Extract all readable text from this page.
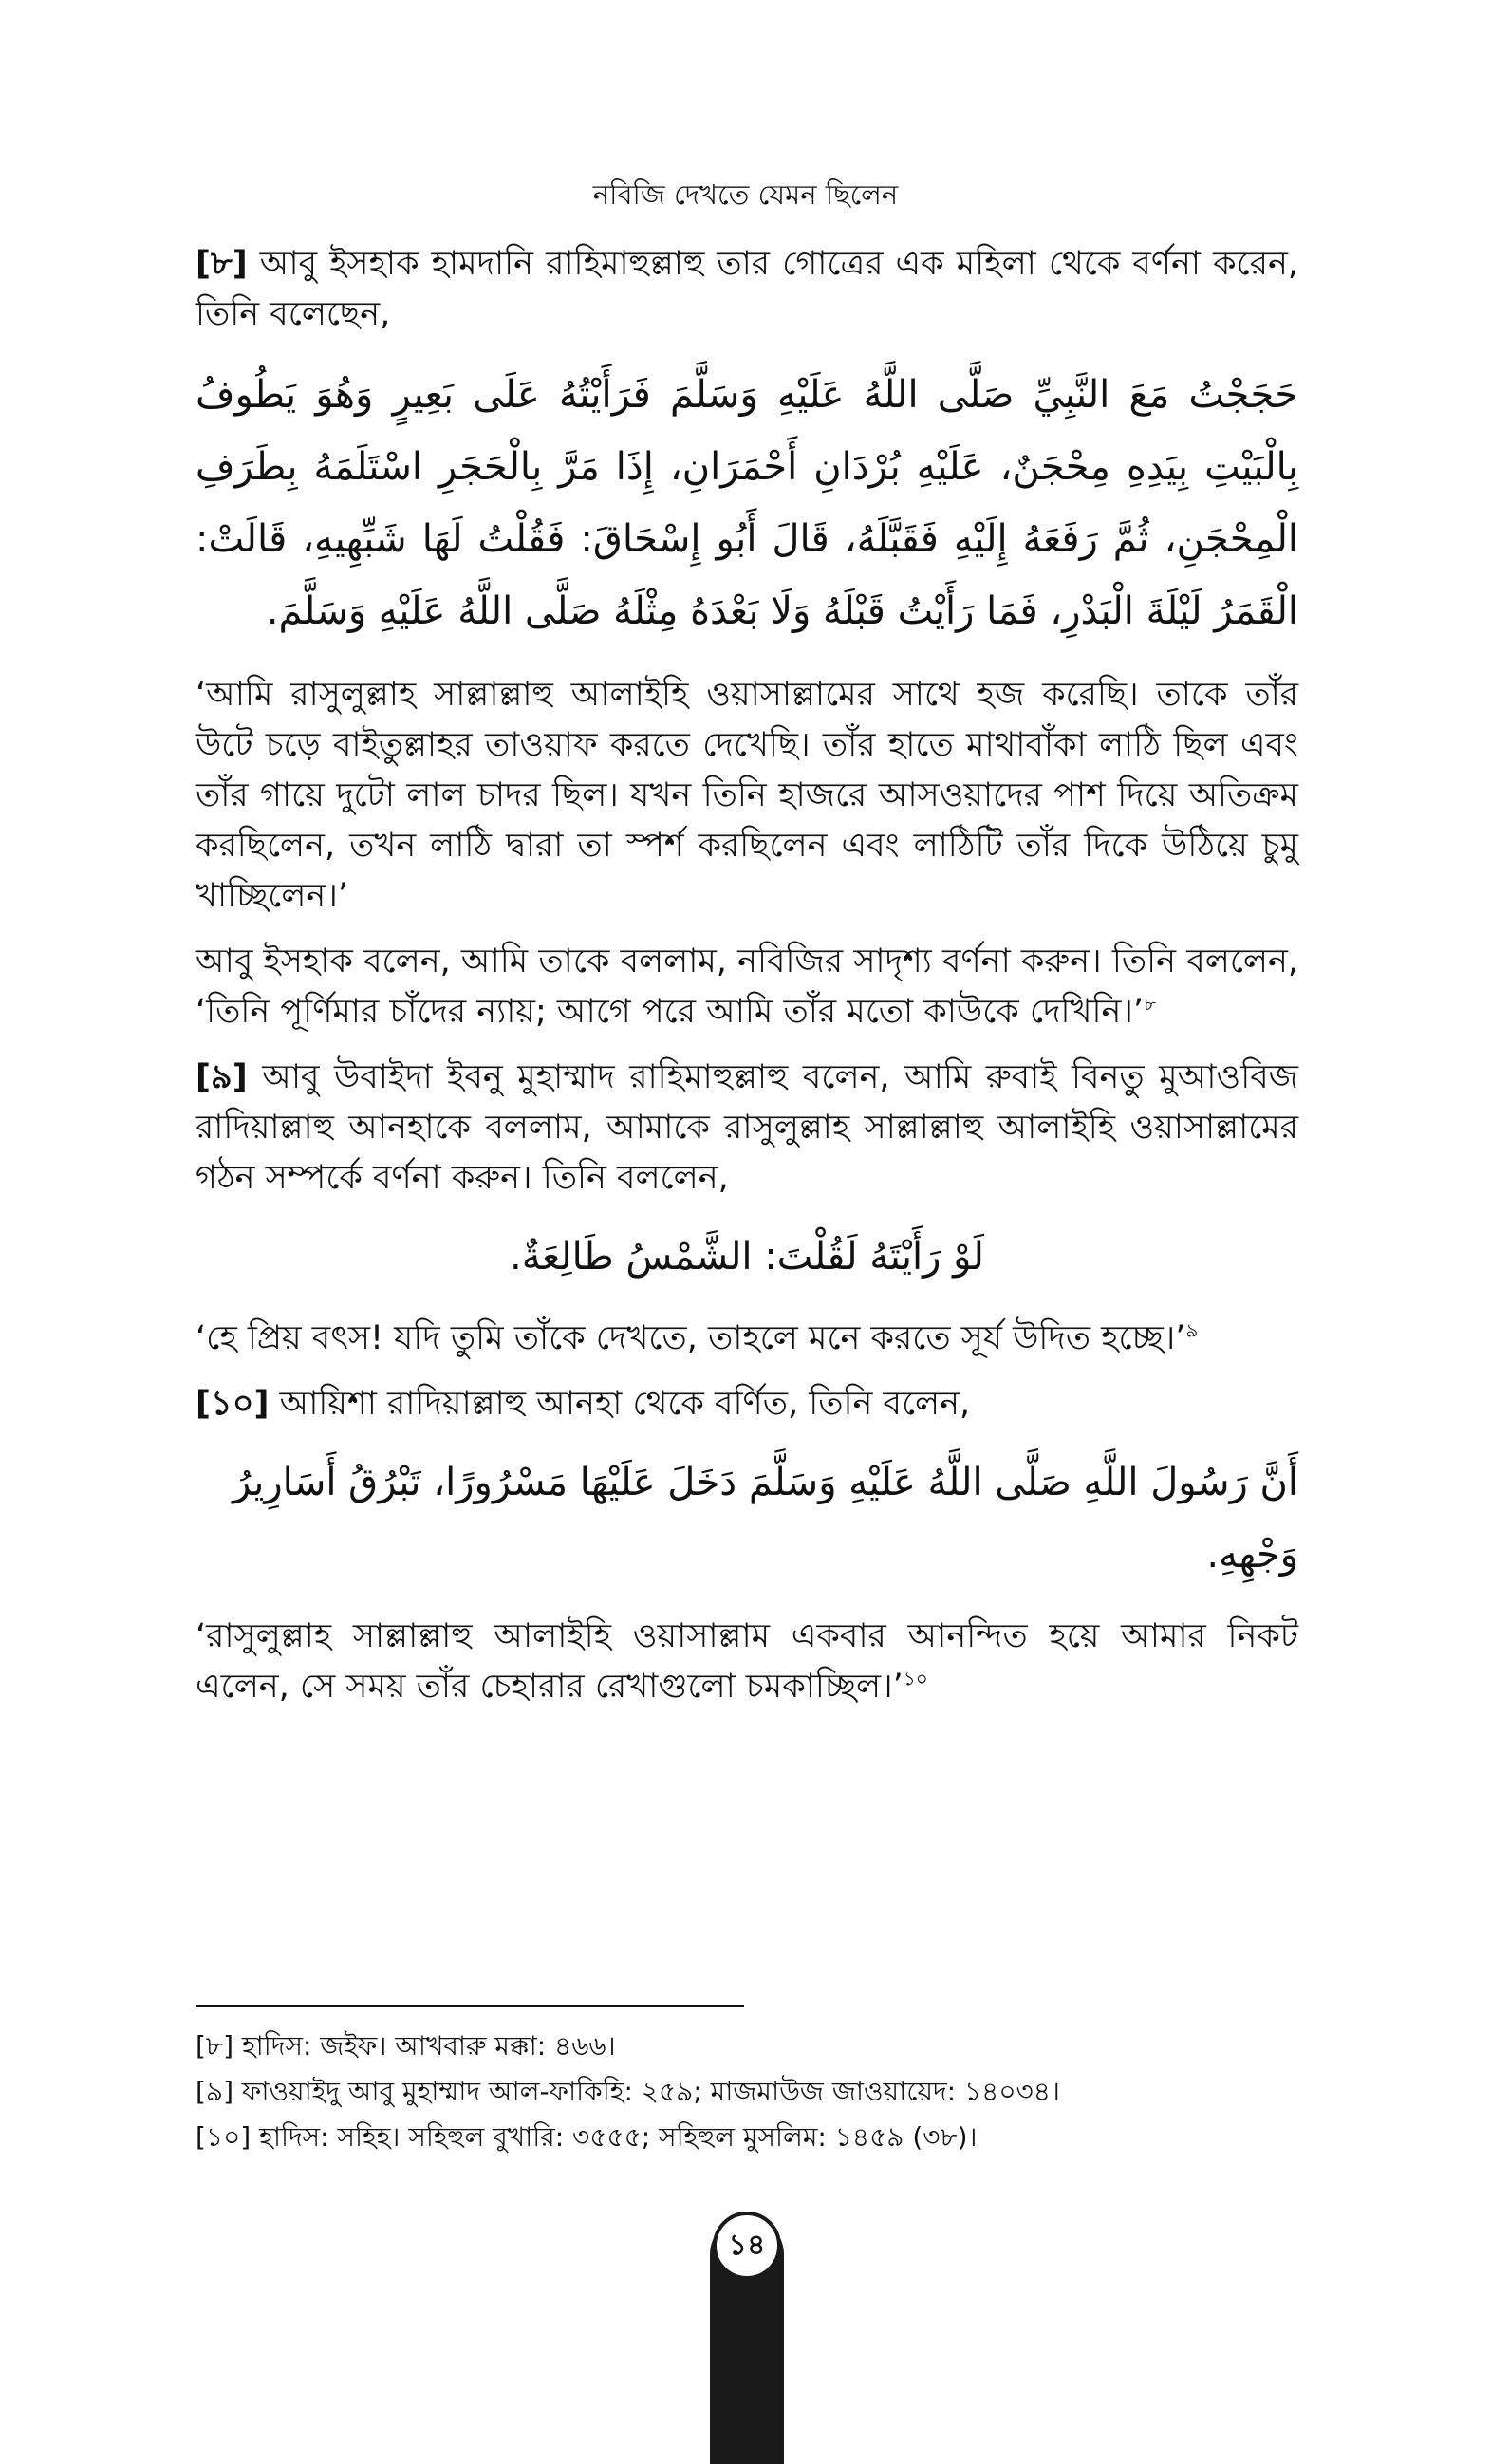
নবিজি দেখতে যেমন ছিলেন

[৮] আবু ইসহাক হামদানি রাহিমাহুল্লাহু তার গোত্রের এক মহিলা থেকে বর্ণনা করেন, তিনি বলেছেন,

حَجَجْتُ مَعَ النَّبِيِّ صَلَّى اللَّهُ عَلَيْهِ وَسَلَّمَ فَرَأَيْتُهُ عَلَى بَعِيرٍ وَهُوَ يَطُوفُ بِالْبَيْتِ بِيَدِهِ مِحْجَنٌ، عَلَيْهِ بُرْدَانِ أَحْمَرَانِ، إِذَا مَرَّ بِالْحَجَرِ اسْتَلَمَهُ بِطَرَفِ الْمِحْجَنِ، ثُمَّ رَفَعَهُ إِلَيْهِ فَقَبَّلَهُ، قَالَ أَبُو إِسْحَاقَ: فَقُلْتُ لَهَا شَبِّهِيهِ، قَالَتْ: الْقَمَرُ لَيْلَةَ الْبَدْرِ، فَمَا رَأَيْتُ قَبْلَهُ وَلَا بَعْدَهُ مِثْلَهُ صَلَّى اللَّهُ عَلَيْهِ وَسَلَّمَ.

‘আমি রাসুলুল্লাহ সাল্লাল্লাহু আলাইহি ওয়াসাল্লামের সাথে হজ করেছি। তাকে তাঁর উটে চড়ে বাইতুল্লাহর তাওয়াফ করতে দেখেছি। তাঁর হাতে মাথাবাঁকা লাঠি ছিল এবং তাঁর গায়ে দুটো লাল চাদর ছিল। যখন তিনি হাজরে আসওয়াদের পাশ দিয়ে অতিক্রম করছিলেন, তখন লাঠি দ্বারা তা স্পর্শ করছিলেন এবং লাঠিটি তাঁর দিকে উঠিয়ে চুমু খাচ্ছিলেন।’

আবু ইসহাক বলেন, আমি তাকে বললাম, নবিজির সাদৃশ্য বর্ণনা করুন। তিনি বললেন, ‘তিনি পূর্ণিমার চাঁদের ন্যায়; আগে পরে আমি তাঁর মতো কাউকে দেখিনি।’$^৮$

[৯] আবু উবাইদা ইবনু মুহাম্মাদ রাহিমাহুল্লাহু বলেন, আমি রুবাই বিনতু মুআওবিজ রাদিয়াল্লাহু আনহাকে বললাম, আমাকে রাসুলুল্লাহ সাল্লাল্লাহু আলাইহি ওয়াসাল্লামের গঠন সম্পর্কে বর্ণনা করুন। তিনি বললেন,

لَوْ رَأَيْتَهُ لَقُلْتَ: الشَّمْسُ طَالِعَةٌ.

‘হে প্রিয় বৎস! যদি তুমি তাঁকে দেখতে, তাহলে মনে করতে সূর্য উদিত হচ্ছে।’$^৯$

[১০] আয়িশা রাদিয়াল্লাহু আনহা থেকে বর্ণিত, তিনি বলেন,

أَنَّ رَسُولَ اللَّهِ صَلَّى اللَّهُ عَلَيْهِ وَسَلَّمَ دَخَلَ عَلَيْهَا مَسْرُورًا، تَبْرُقُ أَسَارِيرُ وَجْهِهِ.

‘রাসুলুল্লাহ সাল্লাল্লাহু আলাইহি ওয়াসাল্লাম একবার আনন্দিত হয়ে আমার নিকট এলেন, সে সময় তাঁর চেহারার রেখাগুলো চমকাচ্ছিল।’$^{১০}$

[৮] হাদিস: জইফ। আখবারু মক্কা: ৪৬৬।

[৯] ফাওয়াইদু আবু মুহাম্মাদ আল-ফাকিহি: ২৫৯; মাজমাউজ জাওয়ায়েদ: ১৪০৩৪।

[১০] হাদিস: সহিহ। সহিহুল বুখারি: ৩৫৫৫; সহিহুল মুসলিম: ১৪৫৯ (৩৮)।

১৪
